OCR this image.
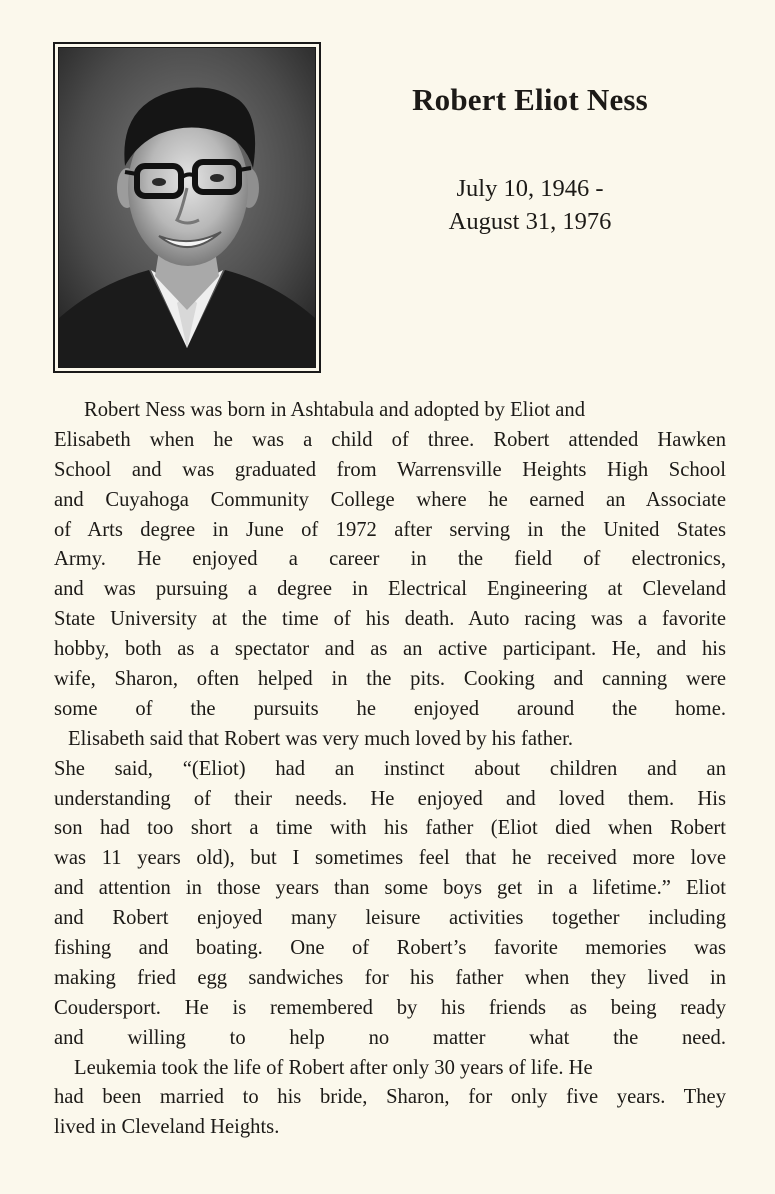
Robert Eliot Ness
July 10, 1946 -
August 31, 1976
Robert Ness was born in Ashtabula and adopted by Eliot and
Elisabeth when he was a child of three. Robert attended Hawken
School and was graduated from Warrensville Heights High School
and Cuyahoga Community College where he earned an Associate
of Arts degree in June of 1972 after serving in the United States
Army. He enjoyed a career in the field of electronics,
and was pursuing a degree in Electrical Engineering at Cleveland
State University at the time of his death. Auto racing was a favorite
hobby, both as a spectator and as an active participant. He, and his
wife, Sharon, often helped in the pits. Cooking and canning were
some of the pursuits he enjoyed around the home.
Elisabeth said that Robert was very much loved by his father.
She said, “(Eliot) had an instinct about children and an
understanding of their needs. He enjoyed and loved them. His
son had too short a time with his father (Eliot died when Robert
was 11 years old), but I sometimes feel that he received more love
and attention in those years than some boys get in a lifetime.” Eliot
and Robert enjoyed many leisure activities together including
fishing and boating. One of Robert’s favorite memories was
making fried egg sandwiches for his father when they lived in
Coudersport. He is remembered by his friends as being ready
and willing to help no matter what the need.
Leukemia took the life of Robert after only 30 years of life. He
had been married to his bride, Sharon, for only five years. They
lived in Cleveland Heights.
